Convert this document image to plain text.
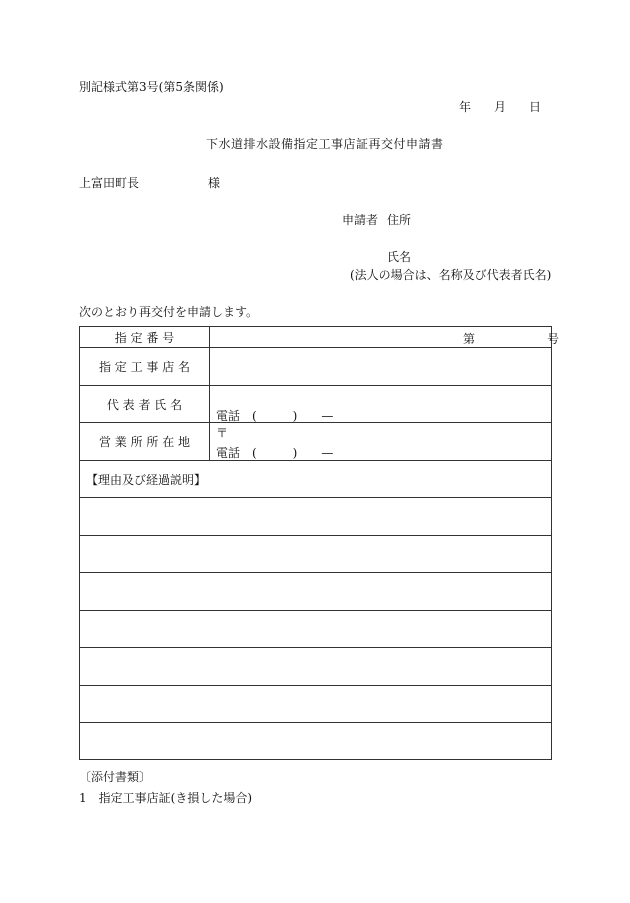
別記様式第3号(第5条関係)
年 月 日
下水道排水設備指定工事店証再交付申請書
上富田町長	様
申請者 住所
氏名
(法人の場合は、名称及び代表者氏名)
次のとおり再交付を申請します。
指 定 番 号	第 号

指 定 工 事 店 名	
代 表 者 氏 名	電話　(　　　)　　—

営 業 所 所 在 地	〒
電話　(　　　)　　—

【理由及び経過説明】	

〔添付書類〕
1　指定工事店証(き損した場合)
